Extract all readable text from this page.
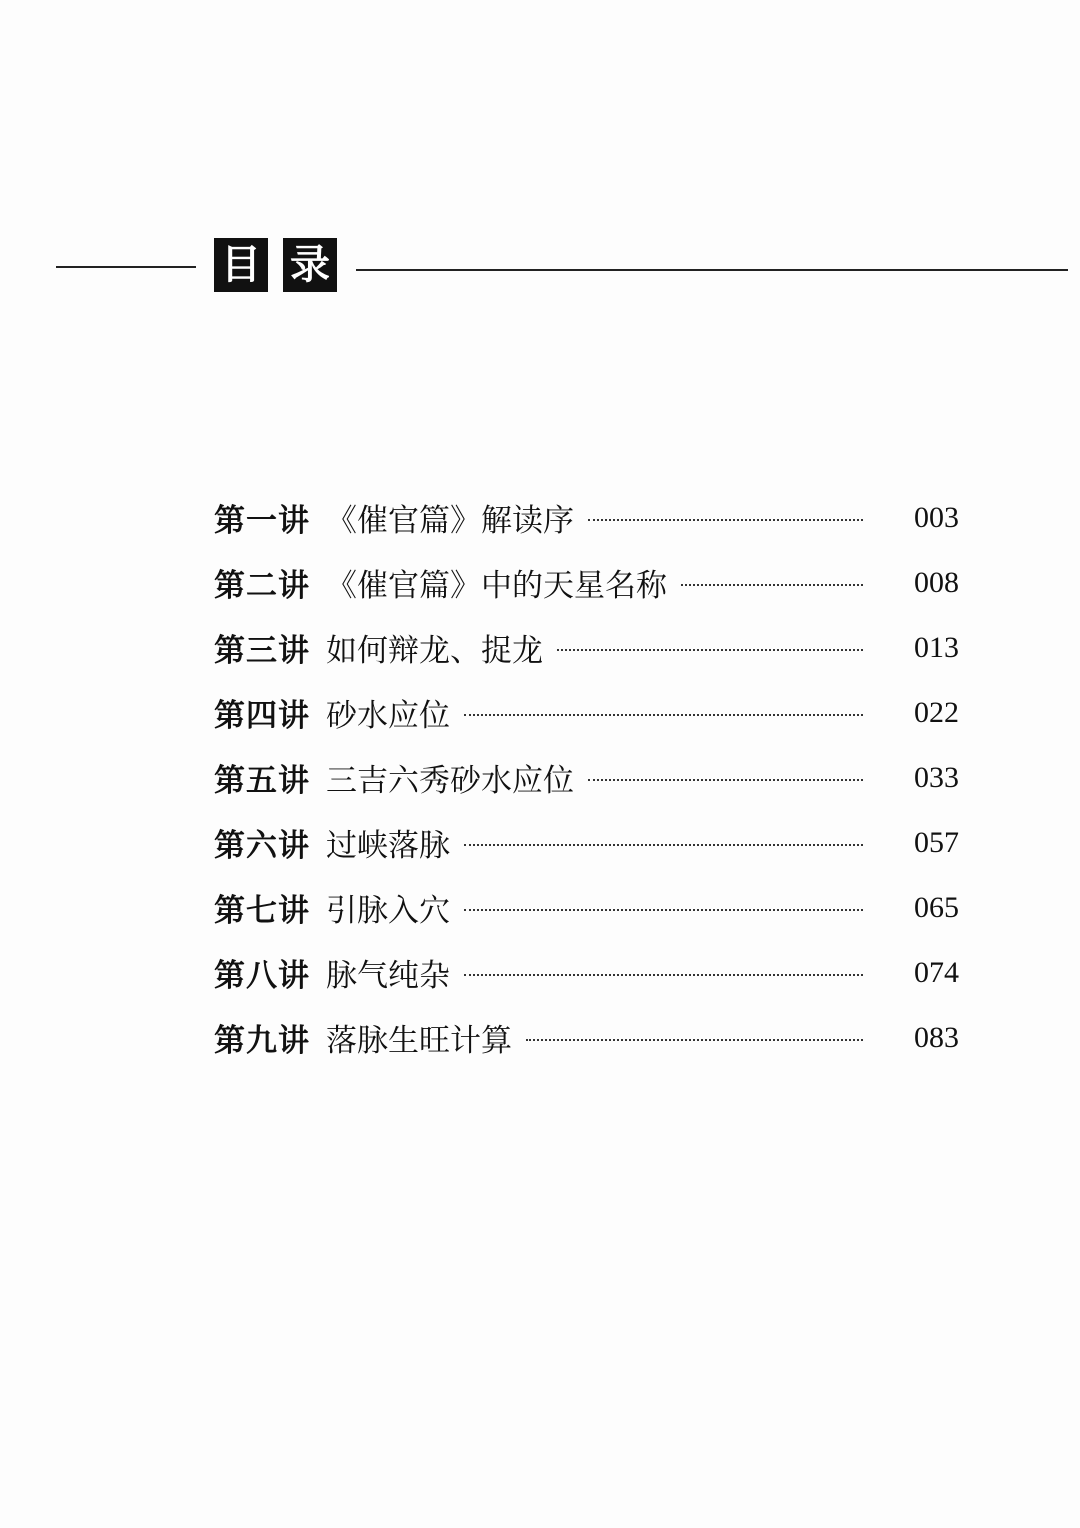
目 录
第一讲 《催官篇》解读序	003
第二讲 《催官篇》中的天星名称	008
第三讲 如何辩龙、捉龙	013
第四讲 砂水应位	022
第五讲 三吉六秀砂水应位	033
第六讲 过峡落脉	057
第七讲 引脉入穴	065
第八讲 脉气纯杂	074
第九讲 落脉生旺计算	083
